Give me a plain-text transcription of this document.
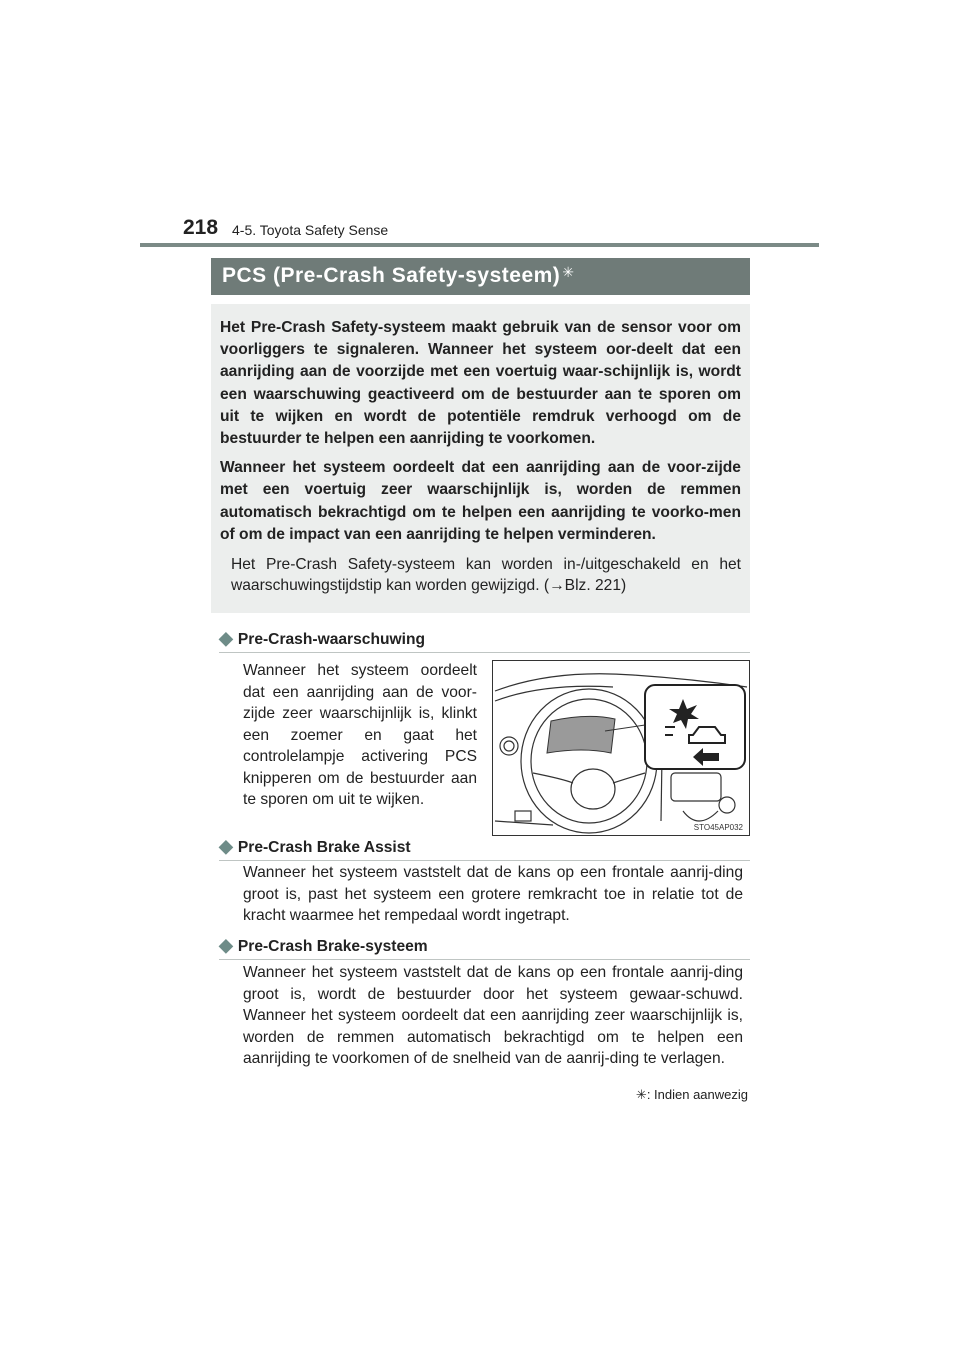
218 4-5. Toyota Safety Sense
PCS (Pre-Crash Safety-systeem) ✳

Het Pre-Crash Safety-systeem maakt gebruik van de sensor voor om voorliggers te signaleren. Wanneer het systeem oor-deelt dat een aanrijding aan de voorzijde met een voertuig waar-schijnlijk is, wordt een waarschuwing geactiveerd om de bestuurder aan te sporen om uit te wijken en wordt de potentiële remdruk verhoogd om de bestuurder te helpen een aanrijding te voorkomen.

Wanneer het systeem oordeelt dat een aanrijding aan de voor-zijde met een voertuig zeer waarschijnlijk is, worden de remmen automatisch bekrachtigd om te helpen een aanrijding te voorko-men of om de impact van een aanrijding te helpen verminderen.

Het Pre-Crash Safety-systeem kan worden in-/uitgeschakeld en het waarschuwingstijdstip kan worden gewijzigd. (→Blz. 221)

◆ Pre-Crash-waarschuwing
Wanneer het systeem oordeelt dat een aanrijding aan de voor-zijde zeer waarschijnlijk is, klinkt een zoemer en gaat het controlelampje activering PCS knipperen om de bestuurder aan te sporen om uit te wijken.
STO45AP032
◆ Pre-Crash Brake Assist
Wanneer het systeem vaststelt dat de kans op een frontale aanrij-ding groot is, past het systeem een grotere remkracht toe in relatie tot de kracht waarmee het rempedaal wordt ingetrapt.
◆ Pre-Crash Brake-systeem
Wanneer het systeem vaststelt dat de kans op een frontale aanrij-ding groot is, wordt de bestuurder door het systeem gewaar-schuwd. Wanneer het systeem oordeelt dat een aanrijding zeer waarschijnlijk is, worden de remmen automatisch bekrachtigd om te helpen een aanrijding te voorkomen of de snelheid van de aanrij-ding te verlagen.
✳: Indien aanwezig
